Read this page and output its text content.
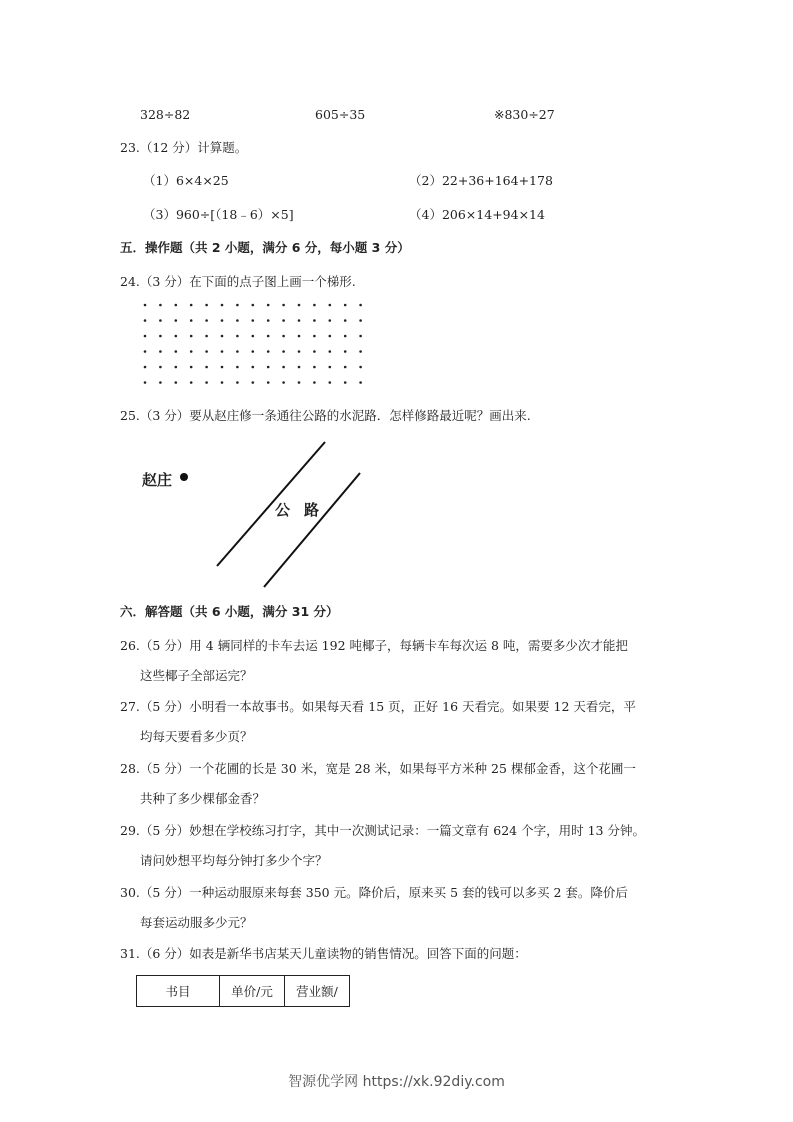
328÷82	605÷35	※830÷27
23.（12 分）计算题。
（1）6×4×25	（2）22+36+164+178
（3）960÷[（18﹣6）×5]	（4）206×14+94×14
五．操作题（共 2 小题，满分 6 分，每小题 3 分）
24.（3 分）在下面的点子图上画一个梯形.
25.（3 分）要从赵庄修一条通往公路的水泥路．怎样修路最近呢？画出来.
赵庄
公路
六．解答题（共 6 小题，满分 31 分）
26.（5 分）用 4 辆同样的卡车去运 192 吨椰子，每辆卡车每次运 8 吨，需要多少次才能把
这些椰子全部运完？
27.（5 分）小明看一本故事书。如果每天看 15 页，正好 16 天看完。如果要 12 天看完，平
均每天要看多少页？
28.（5 分）一个花圃的长是 30 米，宽是 28 米，如果每平方米种 25 棵郁金香，这个花圃一
共种了多少棵郁金香？
29.（5 分）妙想在学校练习打字，其中一次测试记录：一篇文章有 624 个字，用时 13 分钟。
请问妙想平均每分钟打多少个字？
30.（5 分）一种运动服原来每套 350 元。降价后，原来买 5 套的钱可以多买 2 套。降价后
每套运动服多少元？
31.（6 分）如表是新华书店某天儿童读物的销售情况。回答下面的问题：
书目	单价/元	营业额/
智源优学网 https://xk.92diy.com
